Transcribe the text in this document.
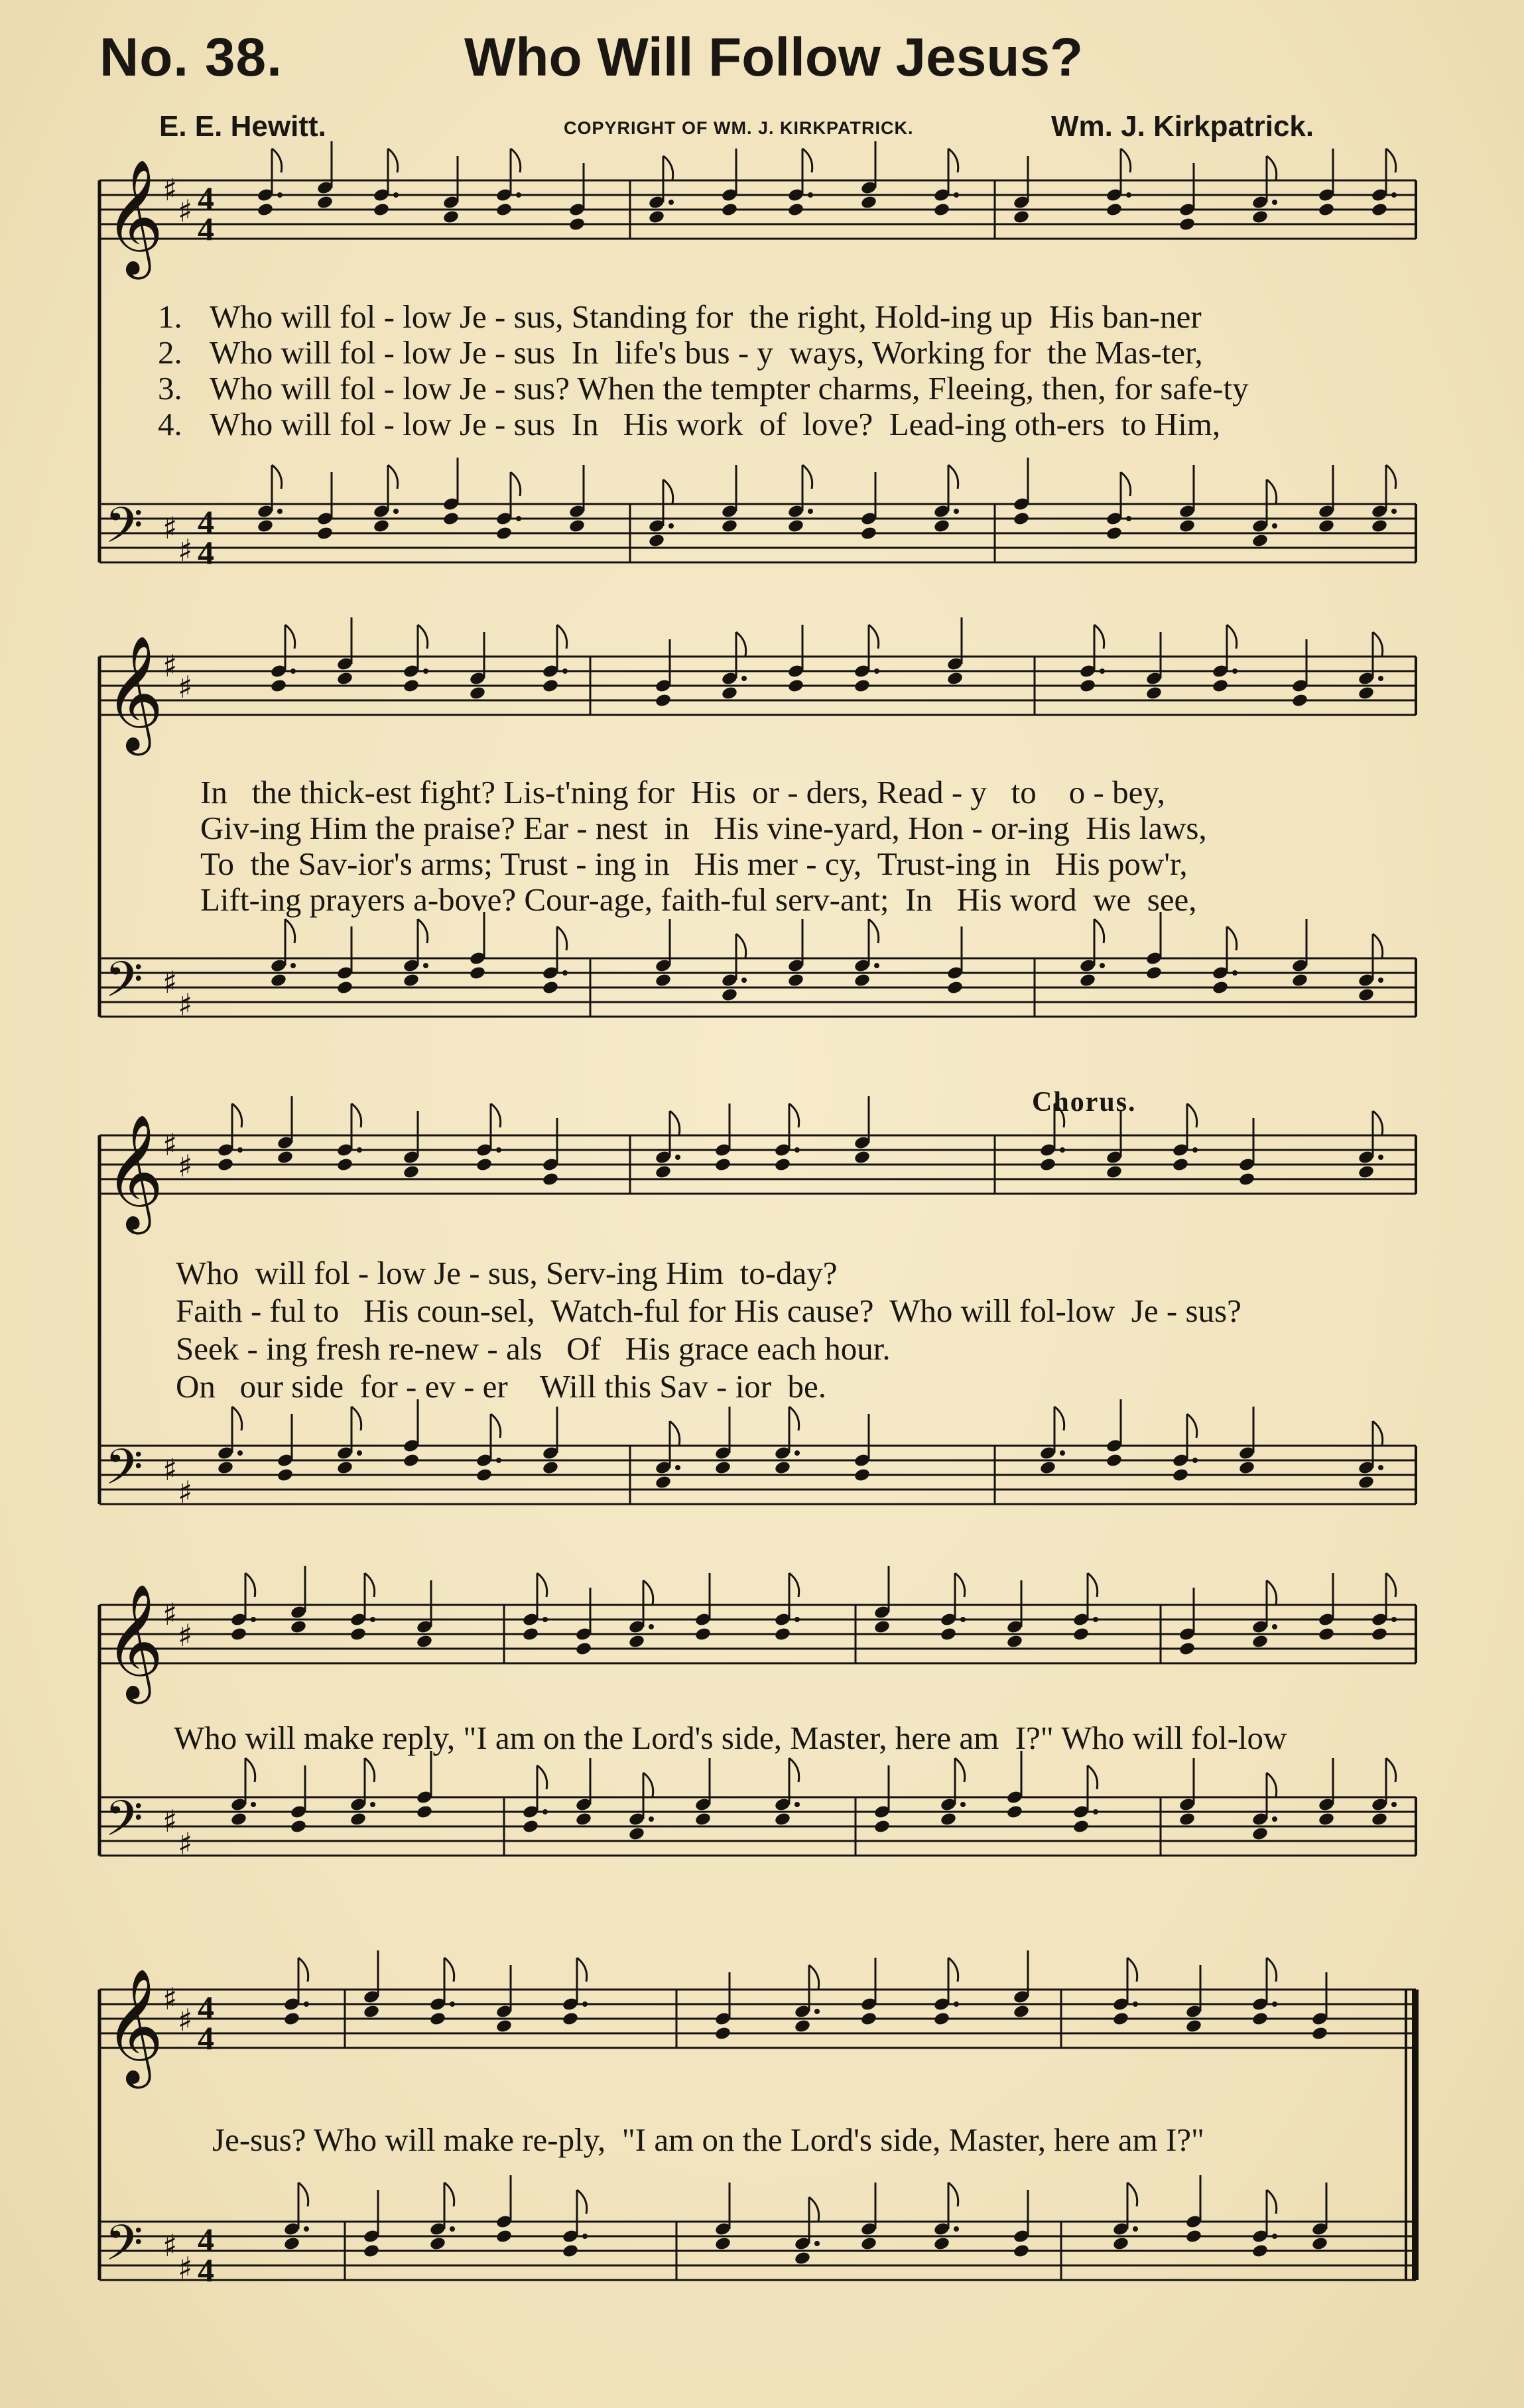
No. 38.	Who Will Follow Jesus?
E. E. Hewitt.	COPYRIGHT OF WM. J. KIRKPATRICK.	Wm. J. Kirkpatrick.
𝄞
♯
♯ 4
4
𝄢 ♯
♯
4
4
𝄞
♯
♯
𝄢 ♯
♯
𝄞
♯
♯
𝄢 ♯
♯
𝄞
♯
♯
𝄢 ♯
♯
𝄞
♯
♯ 4
4
𝄢 ♯
♯
4
4
1. Who will fol - low Je - sus, Standing for  the right, Hold-ing up  His ban-ner
2. Who will fol - low Je - sus  In  life's bus - y  ways, Working for  the Mas-ter,
3. Who will fol - low Je - sus? When the tempter charms, Fleeing, then, for safe-ty
4. Who will fol - low Je - sus  In   His work  of  love?  Lead-ing oth-ers  to Him,
In   the thick-est fight? Lis-t'ning for  His  or - ders, Read - y   to    o - bey,
Giv-ing Him the praise? Ear - nest  in   His vine-yard, Hon - or-ing  His laws,
To  the Sav-ior's arms; Trust - ing in   His mer - cy,  Trust-ing in   His pow'r,
Lift-ing prayers a-bove? Cour-age, faith-ful serv-ant;  In   His word  we  see,
Chorus.
Who  will fol - low Je - sus, Serv-ing Him  to-day?
Faith - ful to   His coun-sel,  Watch-ful for His cause?  Who will fol-low  Je - sus?
Seek - ing fresh re-new - als   Of   His grace each hour.
On   our side  for - ev - er    Will this Sav - ior  be.
Who will make reply, "I am on the Lord's side, Master, here am  I?" Who will fol-low
Je-sus? Who will make re-ply,  "I am on the Lord's side, Master, here am I?"
